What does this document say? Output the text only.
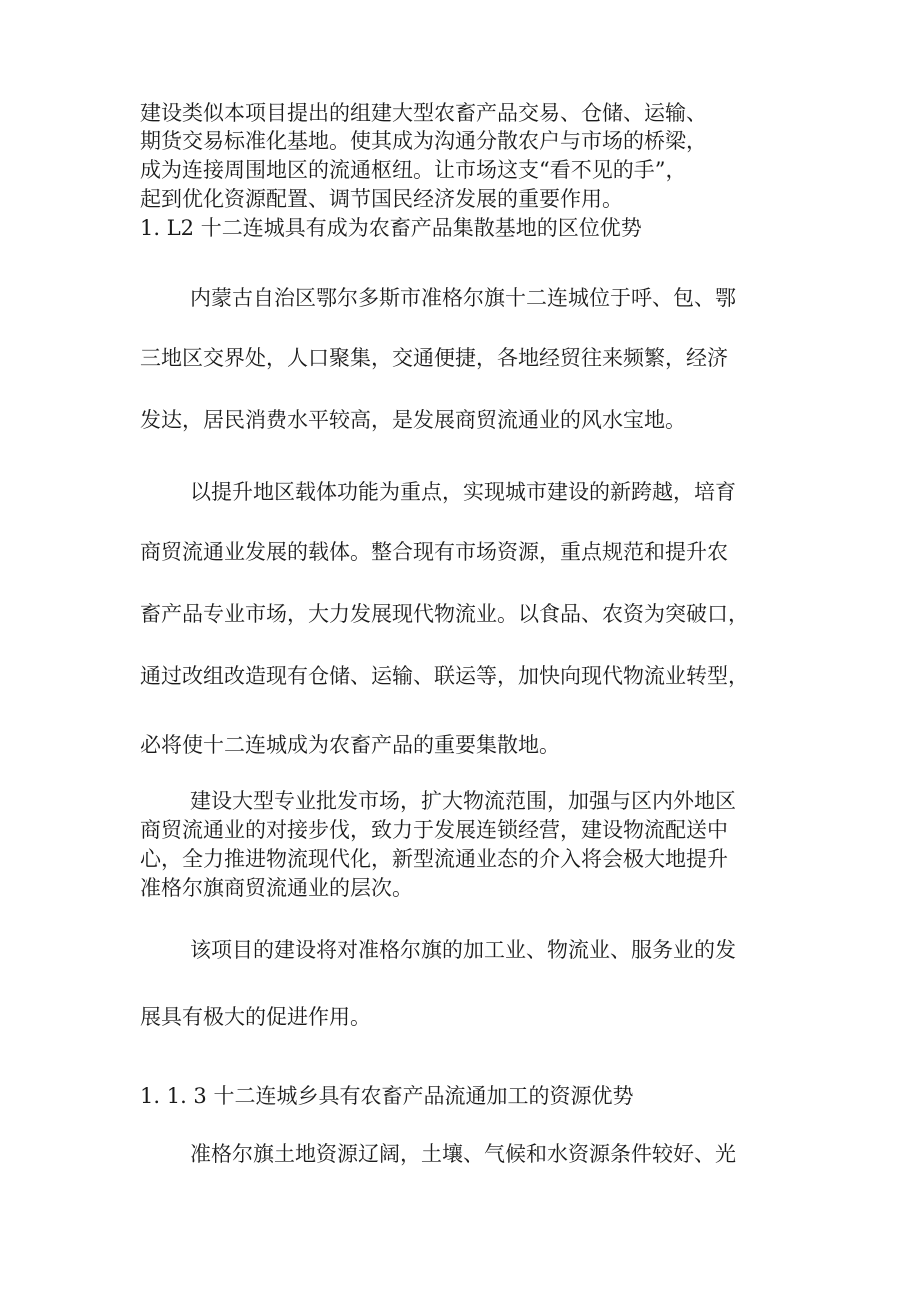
建设类似本项目提出的组建大型农畜产品交易、仓储、运输、
期货交易标准化基地。使其成为沟通分散农户与市场的桥梁，
成为连接周围地区的流通枢纽。让市场这支“看不见的手”，
起到优化资源配置、调节国民经济发展的重要作用。
1. L2 十二连城具有成为农畜产品集散基地的区位优势
内蒙古自治区鄂尔多斯市准格尔旗十二连城位于呼、包、鄂
三地区交界处，人口聚集，交通便捷，各地经贸往来频繁，经济
发达，居民消费水平较高，是发展商贸流通业的风水宝地。
以提升地区载体功能为重点，实现城市建设的新跨越，培育
商贸流通业发展的载体。整合现有市场资源，重点规范和提升农
畜产品专业市场，大力发展现代物流业。以食品、农资为突破口，
通过改组改造现有仓储、运输、联运等，加快向现代物流业转型，
必将使十二连城成为农畜产品的重要集散地。
建设大型专业批发市场，扩大物流范围，加强与区内外地区
商贸流通业的对接步伐，致力于发展连锁经营，建设物流配送中
心，全力推进物流现代化，新型流通业态的介入将会极大地提升
准格尔旗商贸流通业的层次。
该项目的建设将对准格尔旗的加工业、物流业、服务业的发
展具有极大的促进作用。
1. 1. 3 十二连城乡具有农畜产品流通加工的资源优势
准格尔旗土地资源辽阔，土壤、气候和水资源条件较好、光
